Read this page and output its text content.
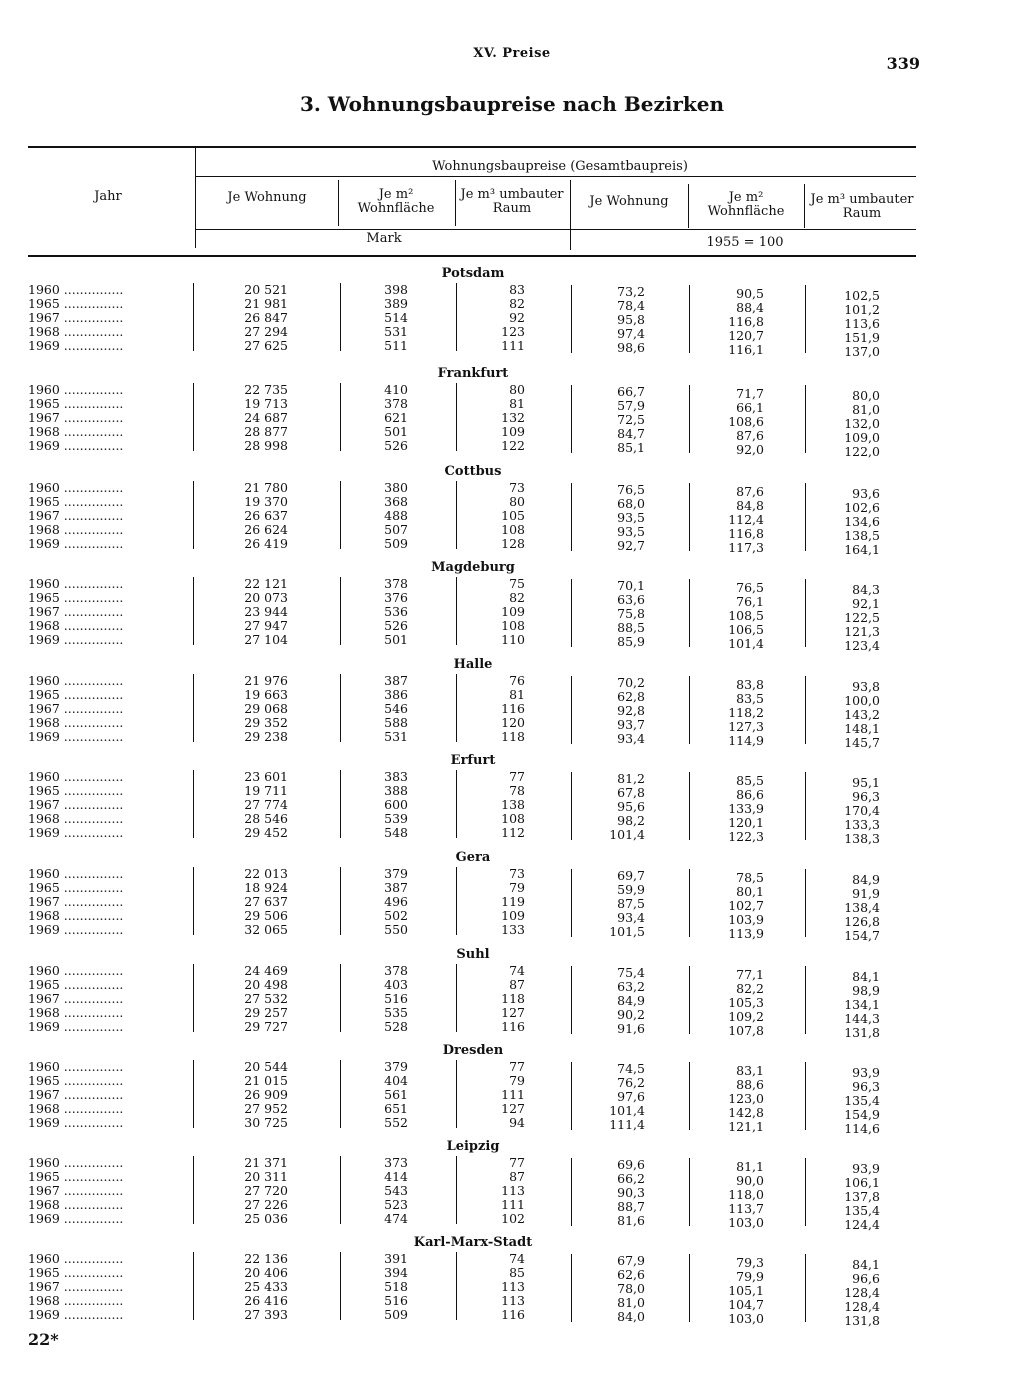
XV. Preise
339
3. Wohnungsbaupreise nach Bezirken
Jahr
Wohnungsbaupreise (Gesamtbaupreis)
Je Wohnung	Je m² Wohnfläche
Je m³ umbauter Raum	Je Wohnung	Je m² Wohnfläche
Je m³ umbauter Raum
Mark	1955 = 100
Potsdam
1960 ...............	20 521	398	83	73,2	90,5	102,5
1965 ...............	21 981	389	82	78,4	88,4	101,2
1967 ...............	26 847	514	92	95,8	116,8	113,6
1968 ...............	27 294	531	123	97,4	120,7	151,9
1969 ...............	27 625	511	111	98,6	116,1	137,0
Frankfurt
1960 ...............	22 735	410	80	66,7	71,7	80,0
1965 ...............	19 713	378	81	57,9	66,1	81,0
1967 ...............	24 687	621	132	72,5	108,6	132,0
1968 ...............	28 877	501	109	84,7	87,6	109,0
1969 ...............	28 998	526	122	85,1	92,0	122,0
Cottbus
1960 ...............	21 780	380	73	76,5	87,6	93,6
1965 ...............	19 370	368	80	68,0	84,8	102,6
1967 ...............	26 637	488	105	93,5	112,4	134,6
1968 ...............	26 624	507	108	93,5	116,8	138,5
1969 ...............	26 419	509	128	92,7	117,3	164,1
Magdeburg
1960 ...............	22 121	378	75	70,1	76,5	84,3
1965 ...............	20 073	376	82	63,6	76,1	92,1
1967 ...............	23 944	536	109	75,8	108,5	122,5
1968 ...............	27 947	526	108	88,5	106,5	121,3
1969 ...............	27 104	501	110	85,9	101,4	123,4
Halle
1960 ...............	21 976	387	76	70,2	83,8	93,8
1965 ...............	19 663	386	81	62,8	83,5	100,0
1967 ...............	29 068	546	116	92,8	118,2	143,2
1968 ...............	29 352	588	120	93,7	127,3	148,1
1969 ...............	29 238	531	118	93,4	114,9	145,7
Erfurt
1960 ...............	23 601	383	77	81,2	85,5	95,1
1965 ...............	19 711	388	78	67,8	86,6	96,3
1967 ...............	27 774	600	138	95,6	133,9	170,4
1968 ...............	28 546	539	108	98,2	120,1	133,3
1969 ...............	29 452	548	112	101,4	122,3	138,3
Gera
1960 ...............	22 013	379	73	69,7	78,5	84,9
1965 ...............	18 924	387	79	59,9	80,1	91,9
1967 ...............	27 637	496	119	87,5	102,7	138,4
1968 ...............	29 506	502	109	93,4	103,9	126,8
1969 ...............	32 065	550	133	101,5	113,9	154,7
Suhl
1960 ...............	24 469	378	74	75,4	77,1	84,1
1965 ...............	20 498	403	87	63,2	82,2	98,9
1967 ...............	27 532	516	118	84,9	105,3	134,1
1968 ...............	29 257	535	127	90,2	109,2	144,3
1969 ...............	29 727	528	116	91,6	107,8	131,8
Dresden
1960 ...............	20 544	379	77	74,5	83,1	93,9
1965 ...............	21 015	404	79	76,2	88,6	96,3
1967 ...............	26 909	561	111	97,6	123,0	135,4
1968 ...............	27 952	651	127	101,4	142,8	154,9
1969 ...............	30 725	552	94	111,4	121,1	114,6
Leipzig
1960 ...............	21 371	373	77	69,6	81,1	93,9
1965 ...............	20 311	414	87	66,2	90,0	106,1
1967 ...............	27 720	543	113	90,3	118,0	137,8
1968 ...............	27 226	523	111	88,7	113,7	135,4
1969 ...............	25 036	474	102	81,6	103,0	124,4
Karl-Marx-Stadt
1960 ...............	22 136	391	74	67,9	79,3	84,1
1965 ...............	20 406	394	85	62,6	79,9	96,6
1967 ...............	25 433	518	113	78,0	105,1	128,4
1968 ...............	26 416	516	113	81,0	104,7	128,4
1969 ...............	27 393	509	116	84,0	103,0	131,8
22*
